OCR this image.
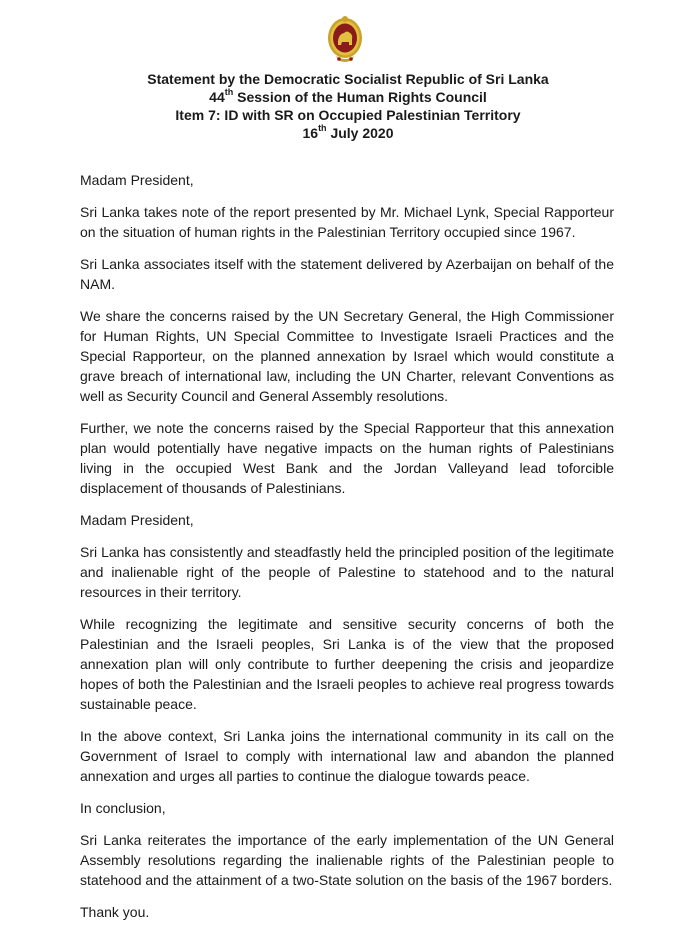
Statement by the Democratic Socialist Republic of Sri Lanka
44th Session of the Human Rights Council
Item 7: ID with SR on Occupied Palestinian Territory
16th July 2020

Madam President,

Sri Lanka takes note of the report presented by Mr. Michael Lynk, Special Rapporteur on the situation of human rights in the Palestinian Territory occupied since 1967.

Sri Lanka associates itself with the statement delivered by Azerbaijan on behalf of the NAM.

We share the concerns raised by the UN Secretary General, the High Commissioner for Human Rights, UN Special Committee to Investigate Israeli Practices and the Special Rapporteur, on the planned annexation by Israel which would constitute a grave breach of international law, including the UN Charter, relevant Conventions as well as Security Council and General Assembly resolutions.

Further, we note the concerns raised by the Special Rapporteur that this annexation plan would potentially have negative impacts on the human rights of Palestinians living in the occupied West Bank and the Jordan Valleyand lead toforcible displacement of thousands of Palestinians.

Madam President,

Sri Lanka has consistently and steadfastly held the principled position of the legitimate and inalienable right of the people of Palestine to statehood and to the natural resources in their territory.

While recognizing the legitimate and sensitive security concerns of both the Palestinian and the Israeli peoples, Sri Lanka is of the view that the proposed annexation plan will only contribute to further deepening the crisis and jeopardize hopes of both the Palestinian and the Israeli peoples to achieve real progress towards sustainable peace.

In the above context, Sri Lanka joins the international community in its call on the Government of Israel to comply with international law and abandon the planned annexation and urges all parties to continue the dialogue towards peace.

In conclusion,

Sri Lanka reiterates the importance of the early implementation of the UN General Assembly resolutions regarding the inalienable rights of the Palestinian people to statehood and the attainment of a two-State solution on the basis of the 1967 borders.

Thank you.
